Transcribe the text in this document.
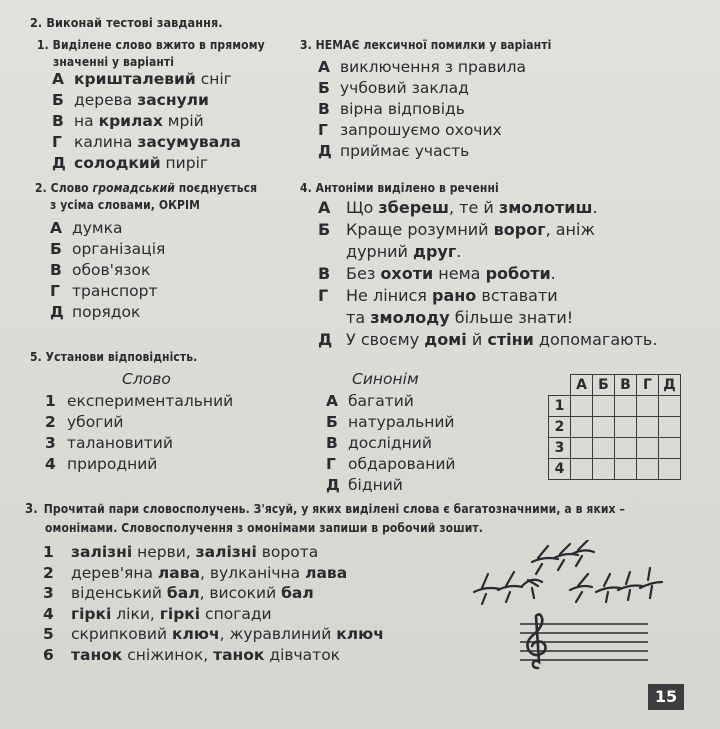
2. Виконай тестові завдання.
1. Виділене слово вжито в прямому
значенні у варіанті
А кришталевий сніг
Б дерева заснули
В на крилах мрій
Г калина засумувала
Д солодкий пиріг
2. Слово громадський поєднується
з усіма словами, ОКРІМ
А думка
Б організація
В обов'язок
Г транспорт
Д порядок
3. НЕМАЄ лексичної помилки у варіанті
А виключення з правила
Б учбовий заклад
В вірна відповідь
Г запрошуємо охочих
Д приймає участь
4. Антоніми виділено в реченні
А Що збереш, те й змолотиш.
Б Краще розумний ворог, аніж
дурний друг.
В Без охоти нема роботи.
Г Не лінися рано вставати
та змолоду більше знати!
Д У своєму домі й стіни допомагають.
5. Установи відповідність.
Слово	Синонім
1 експериментальний
2 убогий
3 талановитий
4 природний
А багатий
Б натуральний
В дослідний
Г обдарований
Д бідний
	А	Б	В	Г	Д
1					
2					
3					
4					
3. Прочитай пари словосполучень. З'ясуй, у яких виділені слова є багатозначними, а в яких –
омонімами. Словосполучення з омонімами запиши в робочий зошит.
1 залізні нерви, залізні ворота
2 дерев'яна лава, вулканічна лава
3 віденський бал, високий бал
4 гіркі ліки, гіркі спогади
5 скрипковий ключ, журавлиний ключ
6 танок сніжинок, танок дівчаток
15
